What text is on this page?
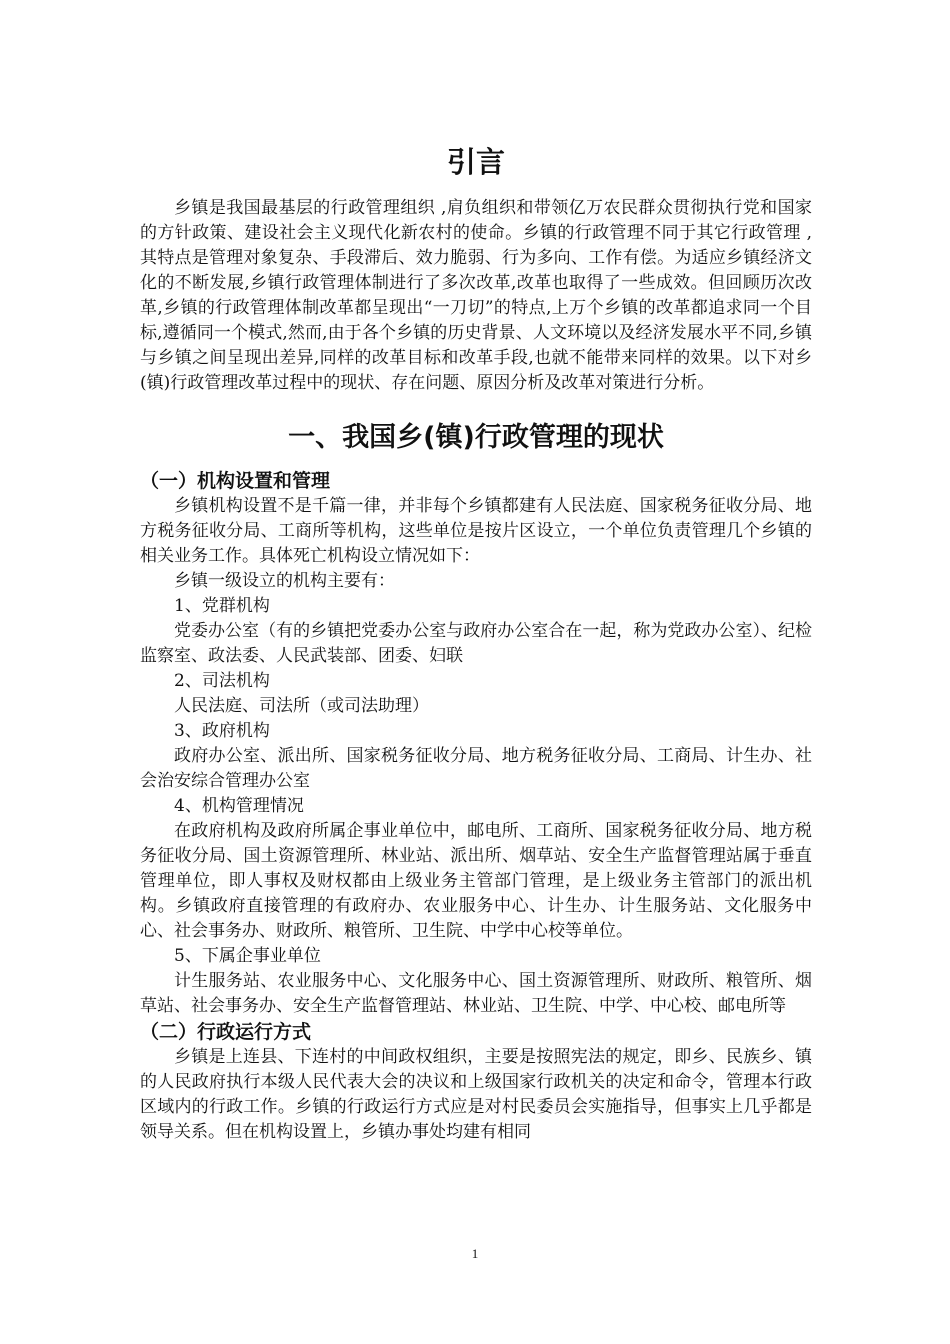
引言

乡镇是我国最基层的行政管理组织 ,肩负组织和带领亿万农民群众贯彻执行党和国家的方针政策、建设社会主义现代化新农村的使命。乡镇的行政管理不同于其它行政管理 ,其特点是管理对象复杂、手段滞后、效力脆弱、行为多向、工作有偿。为适应乡镇经济文化的不断发展,乡镇行政管理体制进行了多次改革,改革也取得了一些成效。但回顾历次改革,乡镇的行政管理体制改革都呈现出“一刀切”的特点,上万个乡镇的改革都追求同一个目标,遵循同一个模式,然而,由于各个乡镇的历史背景、人文环境以及经济发展水平不同,乡镇与乡镇之间呈现出差异,同样的改革目标和改革手段,也就不能带来同样的效果。以下对乡(镇)行政管理改革过程中的现状、存在问题、原因分析及改革对策进行分析。

一、我国乡(镇)行政管理的现状
（一）机构设置和管理

乡镇机构设置不是千篇一律，并非每个乡镇都建有人民法庭、国家税务征收分局、地方税务征收分局、工商所等机构，这些单位是按片区设立，一个单位负责管理几个乡镇的相关业务工作。具体死亡机构设立情况如下：

乡镇一级设立的机构主要有：

1、党群机构

党委办公室（有的乡镇把党委办公室与政府办公室合在一起，称为党政办公室）、纪检监察室、政法委、人民武装部、团委、妇联

2、司法机构

人民法庭、司法所（或司法助理）

3、政府机构

政府办公室、派出所、国家税务征收分局、地方税务征收分局、工商局、计生办、社会治安综合管理办公室

4、机构管理情况

在政府机构及政府所属企事业单位中，邮电所、工商所、国家税务征收分局、地方税务征收分局、国土资源管理所、林业站、派出所、烟草站、安全生产监督管理站属于垂直管理单位，即人事权及财权都由上级业务主管部门管理，是上级业务主管部门的派出机构。乡镇政府直接管理的有政府办、农业服务中心、计生办、计生服务站、文化服务中心、社会事务办、财政所、粮管所、卫生院、中学中心校等单位。

5、下属企事业单位

计生服务站、农业服务中心、文化服务中心、国土资源管理所、财政所、粮管所、烟草站、社会事务办、安全生产监督管理站、林业站、卫生院、中学、中心校、邮电所等

（二）行政运行方式

乡镇是上连县、下连村的中间政权组织，主要是按照宪法的规定，即乡、民族乡、镇的人民政府执行本级人民代表大会的决议和上级国家行政机关的决定和命令，管理本行政区域内的行政工作。乡镇的行政运行方式应是对村民委员会实施指导，但事实上几乎都是领导关系。但在机构设置上，乡镇办事处均建有相同

1
